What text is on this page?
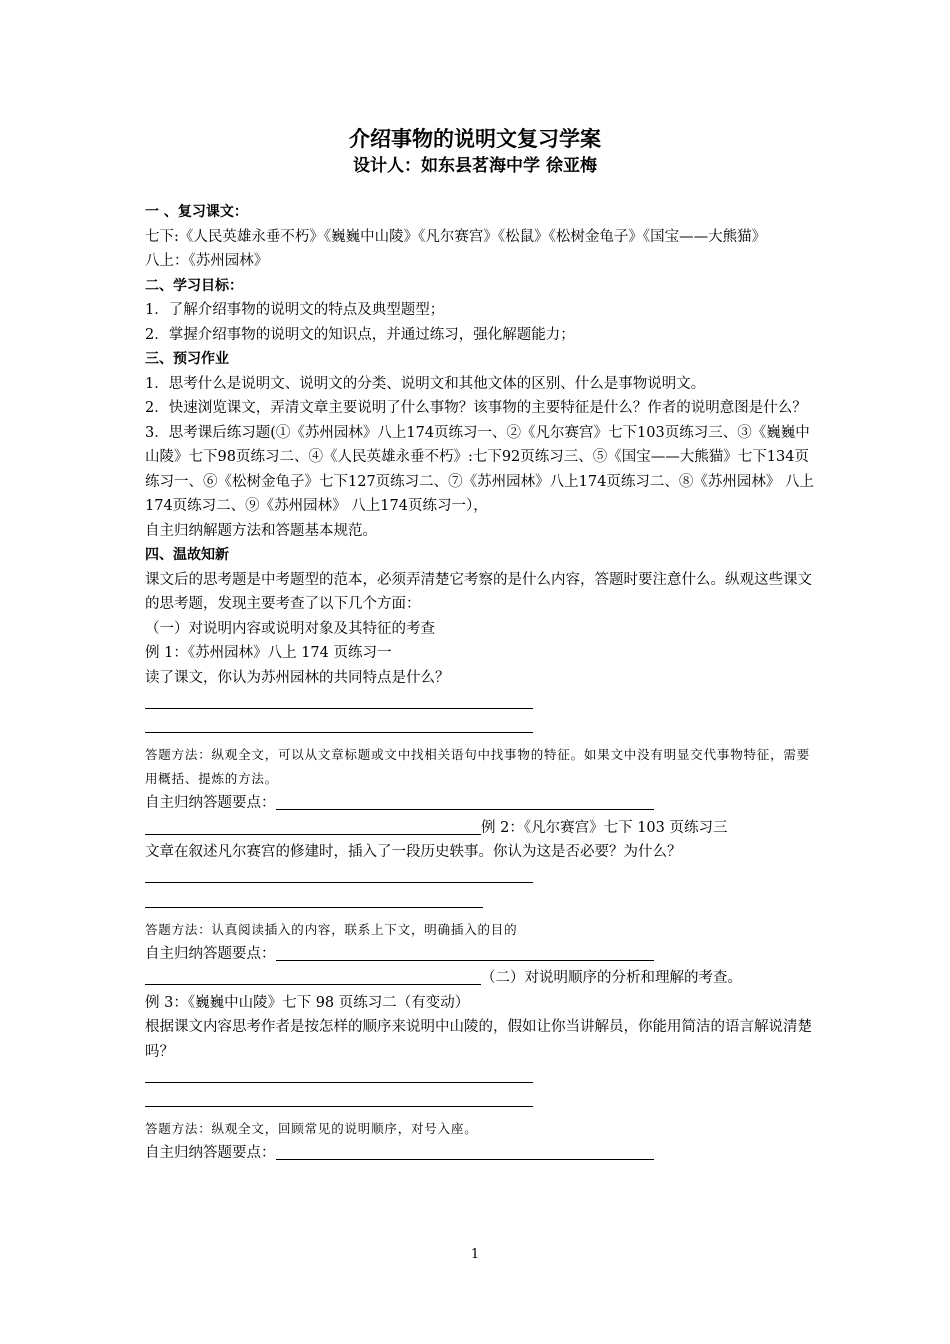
介绍事物的说明文复习学案
设计人：如东县茗海中学 徐亚梅
一 、复习课文：
七下:《人民英雄永垂不朽》《巍巍中山陵》《凡尔赛宫》《松鼠》《松树金龟子》《国宝——大熊猫》
八上：《苏州园林》
二、学习目标：
1．了解介绍事物的说明文的特点及典型题型；
2．掌握介绍事物的说明文的知识点，并通过练习，强化解题能力；
三、预习作业
1．思考什么是说明文、说明文的分类、说明文和其他文体的区别、什么是事物说明文。
2．快速浏览课文，弄清文章主要说明了什么事物？该事物的主要特征是什么？作者的说明意图是什么？
3．思考课后练习题(①《苏州园林》八上174页练习一、②《凡尔赛宫》七下103页练习三、③《巍巍中山陵》七下98页练习二、④《人民英雄永垂不朽》:七下92页练习三、⑤《国宝——大熊猫》七下134页练习一、⑥《松树金龟子》七下127页练习二、⑦《苏州园林》八上174页练习二、⑧《苏州园林》 八上174页练习二、⑨《苏州园林》 八上174页练习一），
自主归纳解题方法和答题基本规范。
四、温故知新
课文后的思考题是中考题型的范本，必须弄清楚它考察的是什么内容，答题时要注意什么。纵观这些课文的思考题，发现主要考查了以下几个方面：
（一）对说明内容或说明对象及其特征的考查
例 1：《苏州园林》八上 174 页练习一
读了课文，你认为苏州园林的共同特点是什么？
答题方法：纵观全文，可以从文章标题或文中找相关语句中找事物的特征。如果文中没有明显交代事物特征，需要用概括、提炼的方法。
自主归纳答题要点：
例 2：《凡尔赛宫》七下 103 页练习三
文章在叙述凡尔赛宫的修建时，插入了一段历史轶事。你认为这是否必要？为什么？
答题方法：认真阅读插入的内容，联系上下文，明确插入的目的
自主归纳答题要点：
（二）对说明顺序的分析和理解的考查。
例 3：《巍巍中山陵》七下 98 页练习二（有变动）
根据课文内容思考作者是按怎样的顺序来说明中山陵的，假如让你当讲解员，你能用简洁的语言解说清楚吗？
答题方法：纵观全文，回顾常见的说明顺序，对号入座。
自主归纳答题要点：
1
